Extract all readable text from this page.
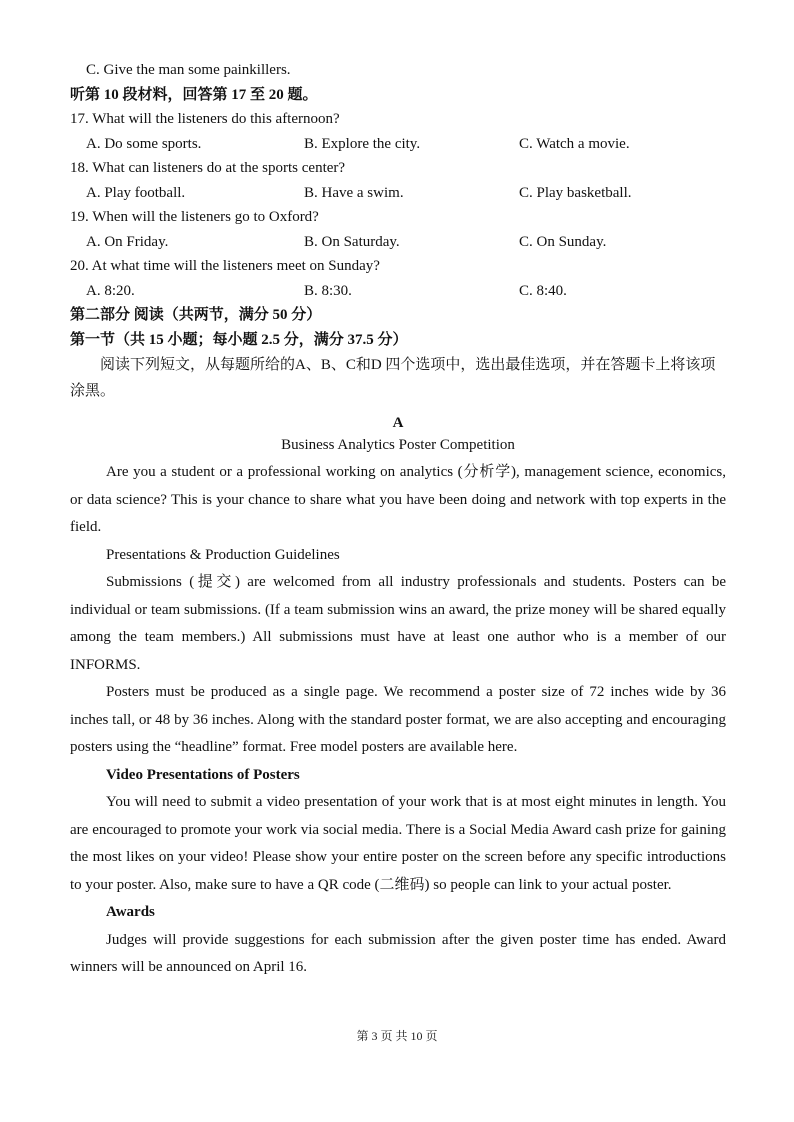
C. Give the man some painkillers.
听第 10 段材料，回答第 17 至 20 题。
17. What will the listeners do this afternoon?
A. Do some sports.	B. Explore the city.	C. Watch a movie.
18. What can listeners do at the sports center?
A. Play football.	B. Have a swim.	C. Play basketball.
19. When will the listeners go to Oxford?
A. On Friday.	B. On Saturday.	C. On Sunday.
20. At what time will the listeners meet on Sunday?
A. 8:20.	B. 8:30.	C. 8:40.
第二部分 阅读（共两节，满分 50 分）
第一节（共 15 小题；每小题 2.5 分，满分 37.5 分）
阅读下列短文，从每题所给的A、B、C和D 四个选项中，选出最佳选项，并在答题卡上将该项涂黑。
A
Business Analytics Poster Competition

Are you a student or a professional working on analytics (分析学), management science, economics, or data science? This is your chance to share what you have been doing and network with top experts in the field.

Presentations & Production Guidelines

Submissions (提交) are welcomed from all industry professionals and students. Posters can be individual or team submissions. (If a team submission wins an award, the prize money will be shared equally among the team members.) All submissions must have at least one author who is a member of our INFORMS.

Posters must be produced as a single page. We recommend a poster size of 72 inches wide by 36 inches tall, or 48 by 36 inches. Along with the standard poster format, we are also accepting and encouraging posters using the “headline” format. Free model posters are available here.

Video Presentations of Posters

You will need to submit a video presentation of your work that is at most eight minutes in length. You are encouraged to promote your work via social media. There is a Social Media Award cash prize for gaining the most likes on your video! Please show your entire poster on the screen before any specific introductions to your poster. Also, make sure to have a QR code (二维码) so people can link to your actual poster.

Awards

Judges will provide suggestions for each submission after the given poster time has ended. Award winners will be announced on April 16.

第 3 页 共 10 页
